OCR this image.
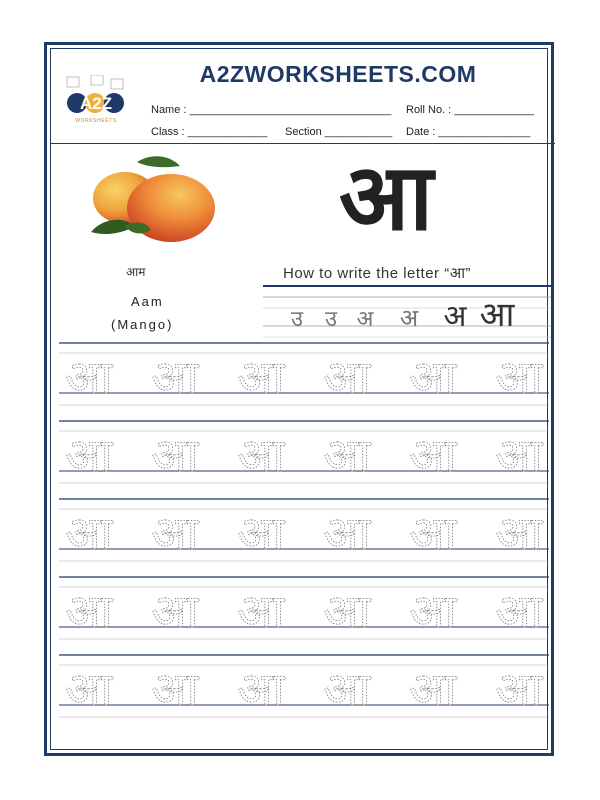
A2ZWORKSHEETS.COM
A2Z
WORKSHEETS
Name : _________________________________ Roll No. : _____________
Class : _____________ Section ___________ Date : _______________
आ
आम
Aam
(Mango)
How to write the letter “आ”
उ उ अ अ अ आ
आ आ आ आ आ आ
आ आ आ आ आ आ
आ आ आ आ आ आ
आ आ आ आ आ आ
आ आ आ आ आ आ
